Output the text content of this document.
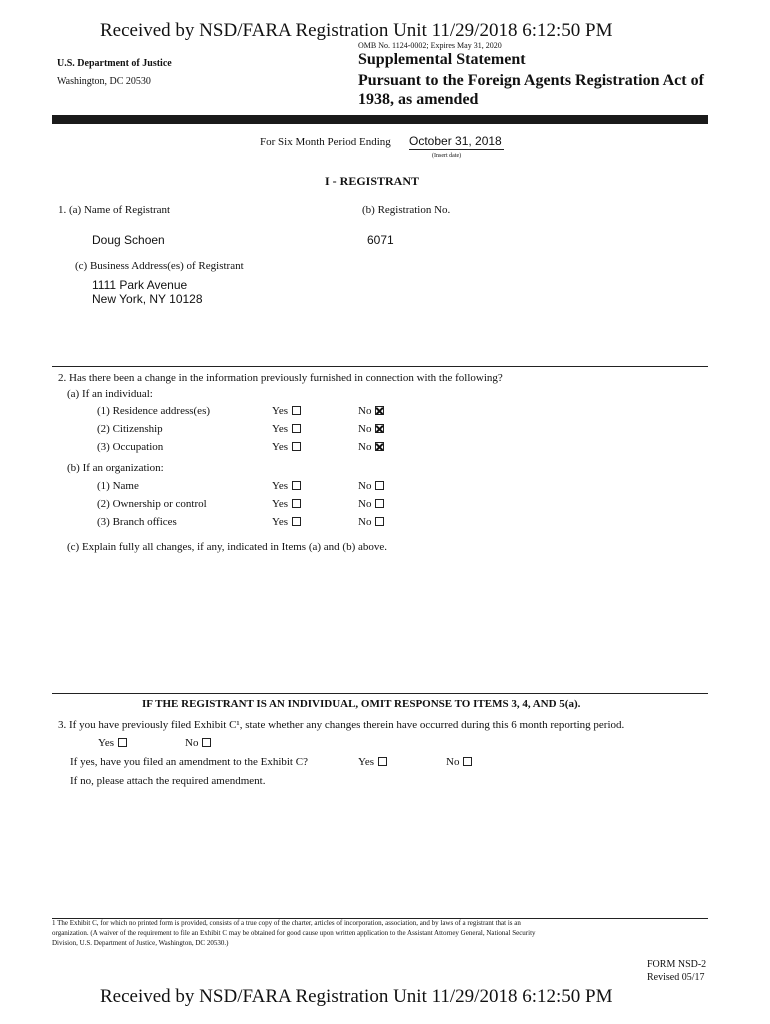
Received by NSD/FARA Registration Unit 11/29/2018 6:12:50 PM
OMB No. 1124-0002; Expires May 31, 2020
U.S. Department of Justice
Washington, DC 20530
Supplemental Statement
Pursuant to the Foreign Agents Registration Act of
1938, as amended
For Six Month Period Ending October 31, 2018
(Insert date)
I - REGISTRANT
1. (a) Name of Registrant	(b) Registration No.
Doug Schoen	6071
(c) Business Address(es) of Registrant
1111 Park Avenue
New York, NY 10128
2. Has there been a change in the information previously furnished in connection with the following?
(a) If an individual:
(1) Residence address(es)	Yes	No
(2) Citizenship	Yes	No
(3) Occupation	Yes	No
(b) If an organization:
(1) Name	Yes	No
(2) Ownership or control	Yes	No
(3) Branch offices	Yes	No
(c) Explain fully all changes, if any, indicated in Items (a) and (b) above.
IF THE REGISTRANT IS AN INDIVIDUAL, OMIT RESPONSE TO ITEMS 3, 4, AND 5(a).
3. If you have previously filed Exhibit C¹, state whether any changes therein have occurred during this 6 month reporting period.
Yes	No
If yes, have you filed an amendment to the Exhibit C?	Yes	No
If no, please attach the required amendment.
1 The Exhibit C, for which no printed form is provided, consists of a true copy of the charter, articles of incorporation, association, and by laws of a registrant that is an
organization. (A waiver of the requirement to file an Exhibit C may be obtained for good cause upon written application to the Assistant Attorney General, National Security
Division, U.S. Department of Justice, Washington, DC 20530.)
FORM NSD-2
Revised 05/17
Received by NSD/FARA Registration Unit 11/29/2018 6:12:50 PM
